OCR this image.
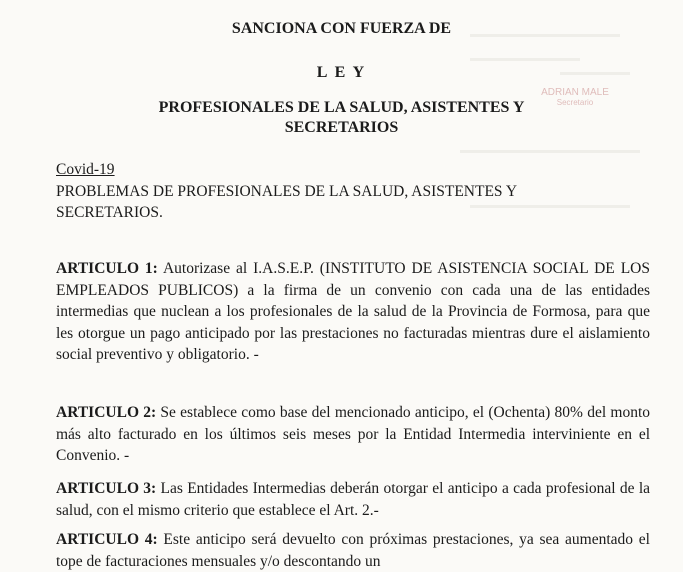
SANCIONA CON FUERZA DE
L E Y
PROFESIONALES DE LA SALUD, ASISTENTES Y
SECRETARIOS
ADRIAN MALE
Secretario
Covid-19
PROBLEMAS DE PROFESIONALES DE LA SALUD, ASISTENTES Y SECRETARIOS.
ARTICULO 1: Autorizase al I.A.S.E.P. (INSTITUTO DE ASISTENCIA SOCIAL DE LOS EMPLEADOS PUBLICOS) a la firma de un convenio con cada una de las entidades intermedias que nuclean a los profesionales de la salud de la Provincia de Formosa, para que les otorgue un pago anticipado por las prestaciones no facturadas mientras dure el aislamiento social preventivo y obligatorio. -
ARTICULO 2: Se establece como base del mencionado anticipo, el (Ochenta) 80% del monto más alto facturado en los últimos seis meses por la Entidad Intermedia interviniente en el Convenio. -
ARTICULO 3: Las Entidades Intermedias deberán otorgar el anticipo a cada profesional de la salud, con el mismo criterio que establece el Art. 2.-
ARTICULO 4: Este anticipo será devuelto con próximas prestaciones, ya sea aumentado el tope de facturaciones mensuales y/o descontando un
